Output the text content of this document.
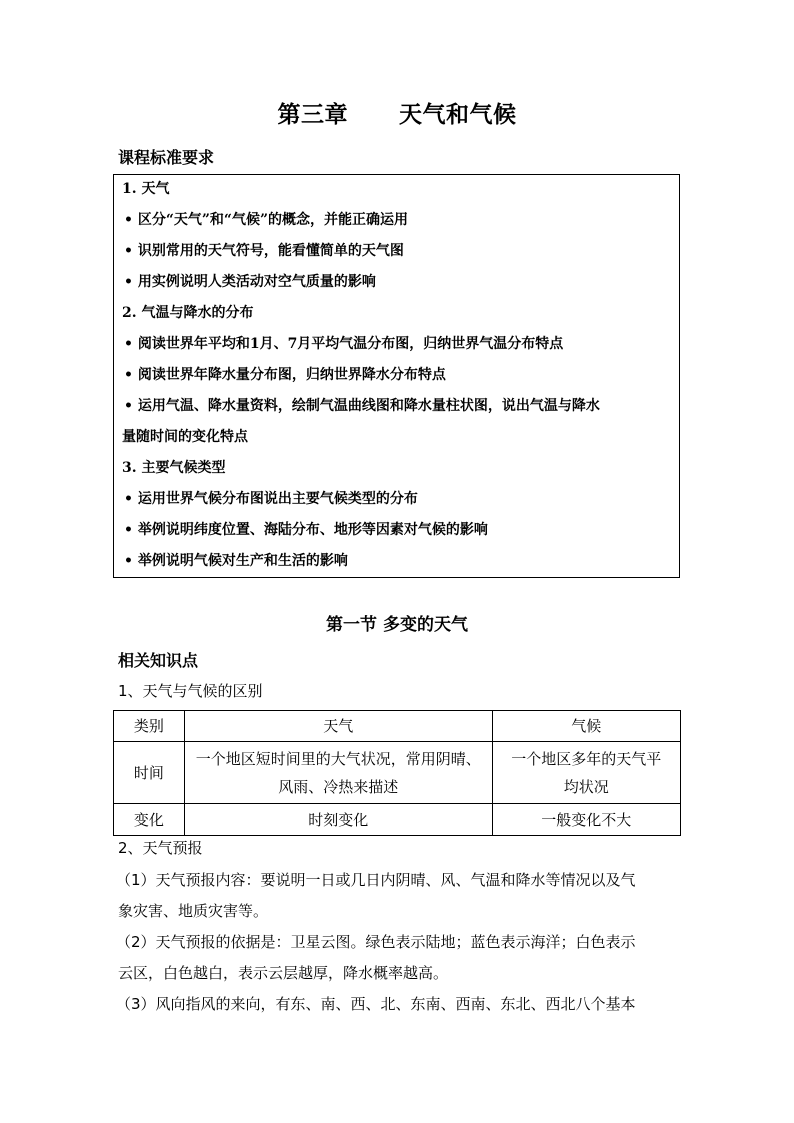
第三章      天气和气候
课程标准要求
1. 天气
• 区分“天气”和“气候”的概念，并能正确运用
• 识别常用的天气符号，能看懂简单的天气图
• 用实例说明人类活动对空气质量的影响
2. 气温与降水的分布
• 阅读世界年平均和1月、7月平均气温分布图，归纳世界气温分布特点
• 阅读世界年降水量分布图，归纳世界降水分布特点
• 运用气温、降水量资料，绘制气温曲线图和降水量柱状图，说出气温与降水
量随时间的变化特点
3. 主要气候类型
• 运用世界气候分布图说出主要气候类型的分布
• 举例说明纬度位置、海陆分布、地形等因素对气候的影响
• 举例说明气候对生产和生活的影响
第一节 多变的天气
相关知识点
1、天气与气候的区别
类别	天气	气候
时间	一个地区短时间里的大气状况，常用阴晴、风雨、冷热来描述	一个地区多年的天气平均状况
变化	时刻变化	一般变化不大
2、天气预报
（1）天气预报内容：要说明一日或几日内阴晴、风、气温和降水等情况以及气
象灾害、地质灾害等。
（2）天气预报的依据是：卫星云图。绿色表示陆地；蓝色表示海洋；白色表示
云区，白色越白，表示云层越厚，降水概率越高。
（3）风向指风的来向，有东、南、西、北、东南、西南、东北、西北八个基本
